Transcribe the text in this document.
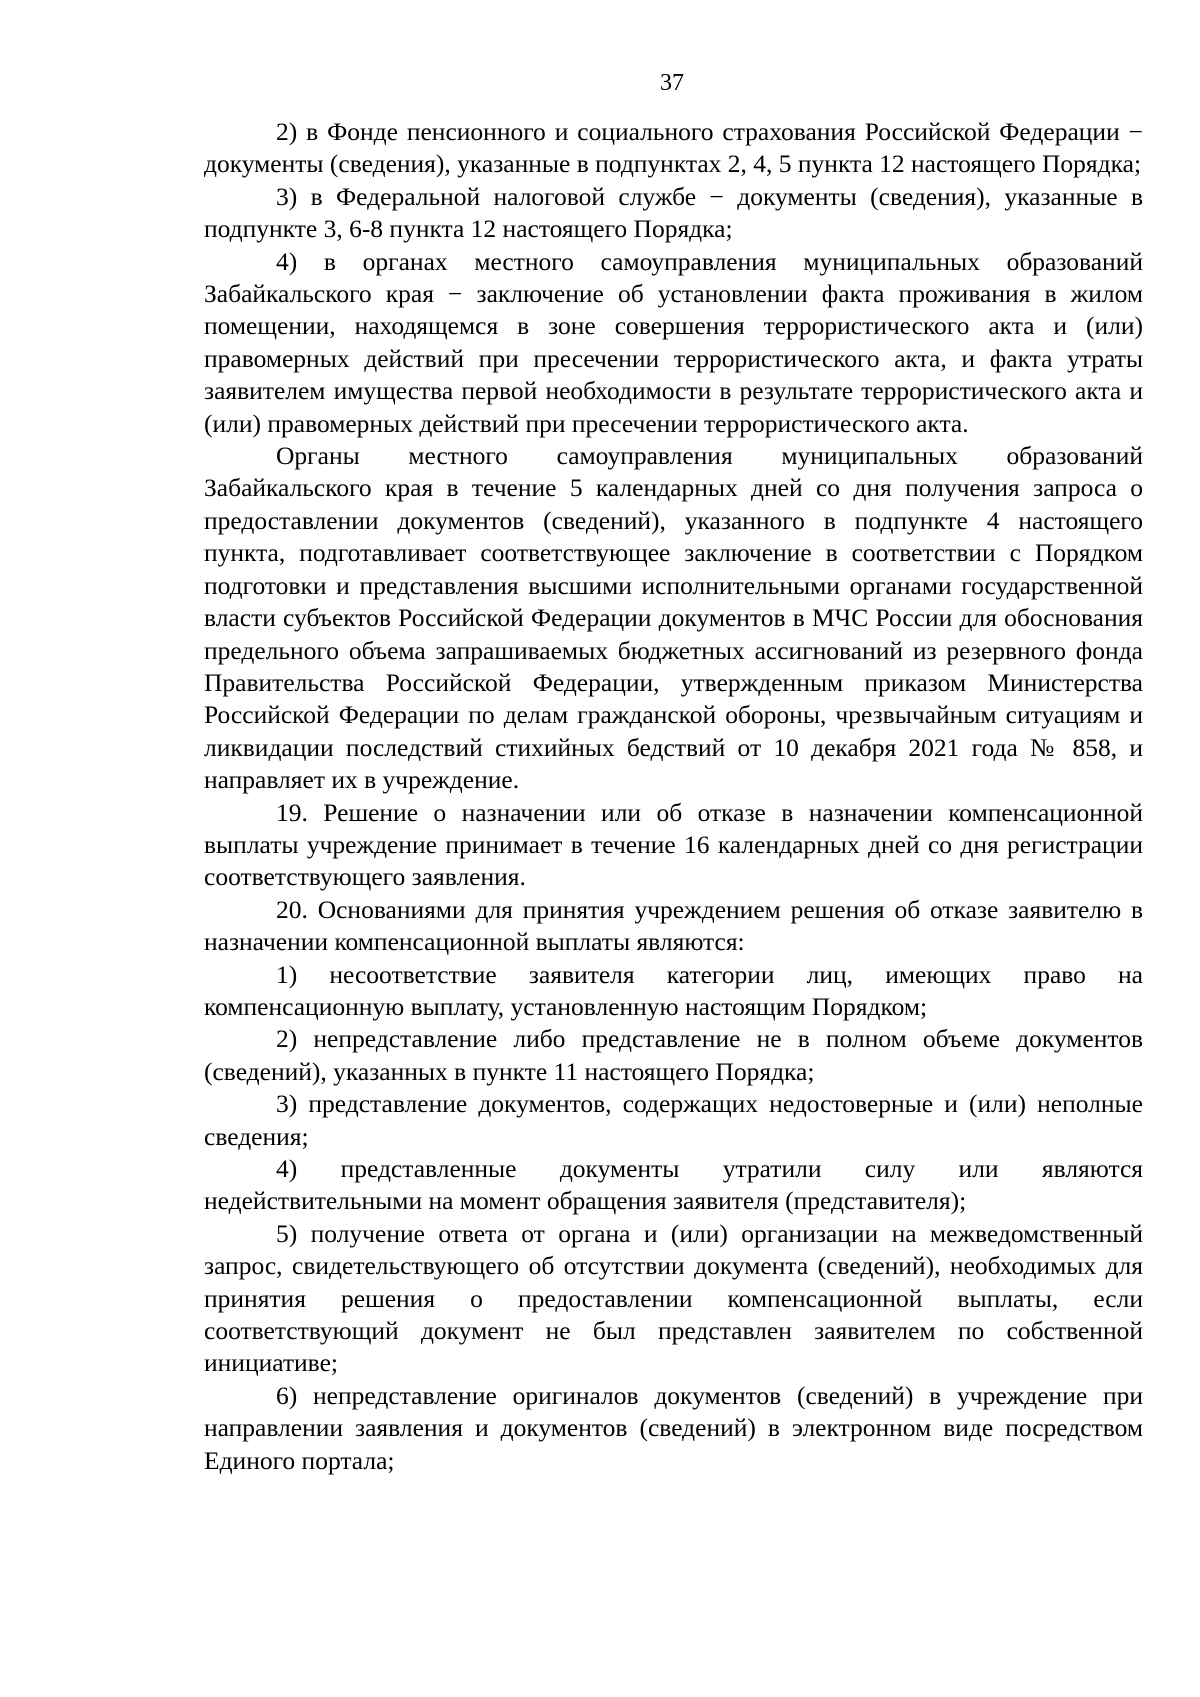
37

2) в Фонде пенсионного и социального страхования Российской Федерации − документы (сведения), указанные в подпунктах 2, 4, 5 пункта 12 настоящего Порядка;

3) в Федеральной налоговой службе − документы (сведения), указанные в подпункте 3, 6-8 пункта 12 настоящего Порядка;

4) в органах местного самоуправления муниципальных образований Забайкальского края − заключение об установлении факта проживания в жилом помещении, находящемся в зоне совершения террористического акта и (или) правомерных действий при пресечении террористического акта, и факта утраты заявителем имущества первой необходимости в результате террористического акта и (или) правомерных действий при пресечении террористического акта.

Органы местного самоуправления муниципальных образований Забайкальского края в течение 5 календарных дней со дня получения запроса о предоставлении документов (сведений), указанного в подпункте 4 настоящего пункта, подготавливает соответствующее заключение в соответствии с Порядком подготовки и представления высшими исполнительными органами государственной власти субъектов Российской Федерации документов в МЧС России для обоснования предельного объема запрашиваемых бюджетных ассигнований из резервного фонда Правительства Российской Федерации, утвержденным приказом Министерства Российской Федерации по делам гражданской обороны, чрезвычайным ситуациям и ликвидации последствий стихийных бедствий от 10 декабря 2021 года № 858, и направляет их в учреждение.

19. Решение о назначении или об отказе в назначении компенсационной выплаты учреждение принимает в течение 16 календарных дней со дня регистрации соответствующего заявления.

20. Основаниями для принятия учреждением решения об отказе заявителю в назначении компенсационной выплаты являются:

1) несоответствие заявителя категории лиц, имеющих право на компенсационную выплату, установленную настоящим Порядком;

2) непредставление либо представление не в полном объеме документов (сведений), указанных в пункте 11 настоящего Порядка;

3) представление документов, содержащих недостоверные и (или) неполные сведения;

4) представленные документы утратили силу или являются недействительными на момент обращения заявителя (представителя);

5) получение ответа от органа и (или) организации на межведомственный запрос, свидетельствующего об отсутствии документа (сведений), необходимых для принятия решения о предоставлении компенсационной выплаты, если соответствующий документ не был представлен заявителем по собственной инициативе;

6) непредставление оригиналов документов (сведений) в учреждение при направлении заявления и документов (сведений) в электронном виде посредством Единого портала;
